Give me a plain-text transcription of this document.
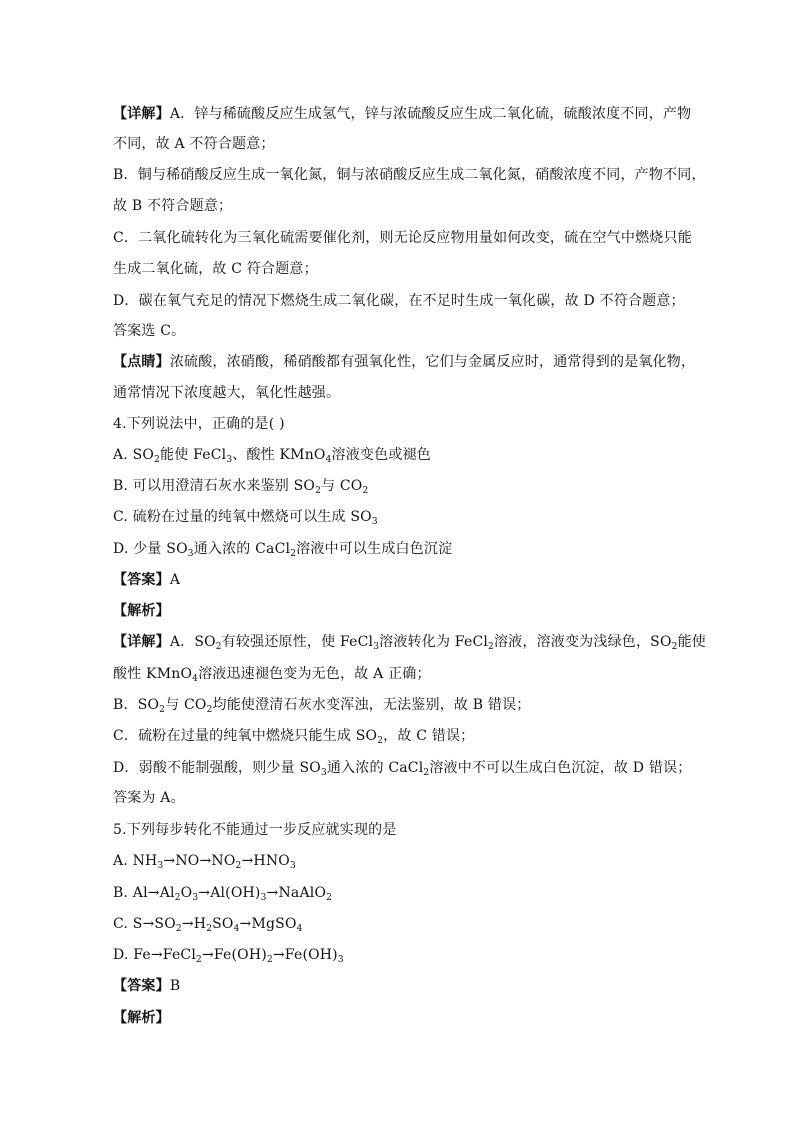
【详解】A．锌与稀硫酸反应生成氢气，锌与浓硫酸反应生成二氧化硫，硫酸浓度不同，产物
不同，故 A 不符合题意；
B．铜与稀硝酸反应生成一氧化氮，铜与浓硝酸反应生成二氧化氮，硝酸浓度不同，产物不同，
故 B 不符合题意；
C．二氧化硫转化为三氧化硫需要催化剂，则无论反应物用量如何改变，硫在空气中燃烧只能
生成二氧化硫，故 C 符合题意；
D．碳在氧气充足的情况下燃烧生成二氧化碳，在不足时生成一氧化碳，故 D 不符合题意；
答案选 C。
【点睛】浓硫酸，浓硝酸，稀硝酸都有强氧化性，它们与金属反应时，通常得到的是氧化物，
通常情况下浓度越大，氧化性越强。
4.下列说法中，正确的是( )
A. $SO_2$能使 FeCl$_3$、酸性 KMnO$_4$溶液变色或褪色
B. 可以用澄清石灰水来鉴别 $SO_2$与 $CO_2$
C. 硫粉在过量的纯氧中燃烧可以生成 $SO_3$
D. 少量 $SO_3$通入浓的 CaCl$_2$溶液中可以生成白色沉淀
【答案】A
【解析】
【详解】A．$SO_2$有较强还原性，使 FeCl$_3$溶液转化为 FeCl$_2$溶液，溶液变为浅绿色，$SO_2$能使
酸性 KMnO$_4$溶液迅速褪色变为无色，故 A 正确；
B．$SO_2$与 $CO_2$均能使澄清石灰水变浑浊，无法鉴别，故 B 错误；
C．硫粉在过量的纯氧中燃烧只能生成 $SO_2$，故 C 错误；
D．弱酸不能制强酸，则少量 $SO_3$通入浓的 CaCl$_2$溶液中不可以生成白色沉淀，故 D 错误；
答案为 A。
5.下列每步转化不能通过一步反应就实现的是
A. $NH_3\to NO\to NO_2\to HNO_3$
B. $Al\to Al_2O_3\to Al(OH)_3\to NaAlO_2$
C. $S\to SO_2\to H_2SO_4\to MgSO_4$
D. $Fe\to FeCl_2\to Fe(OH)_2\to Fe(OH)_3$
【答案】B
【解析】
